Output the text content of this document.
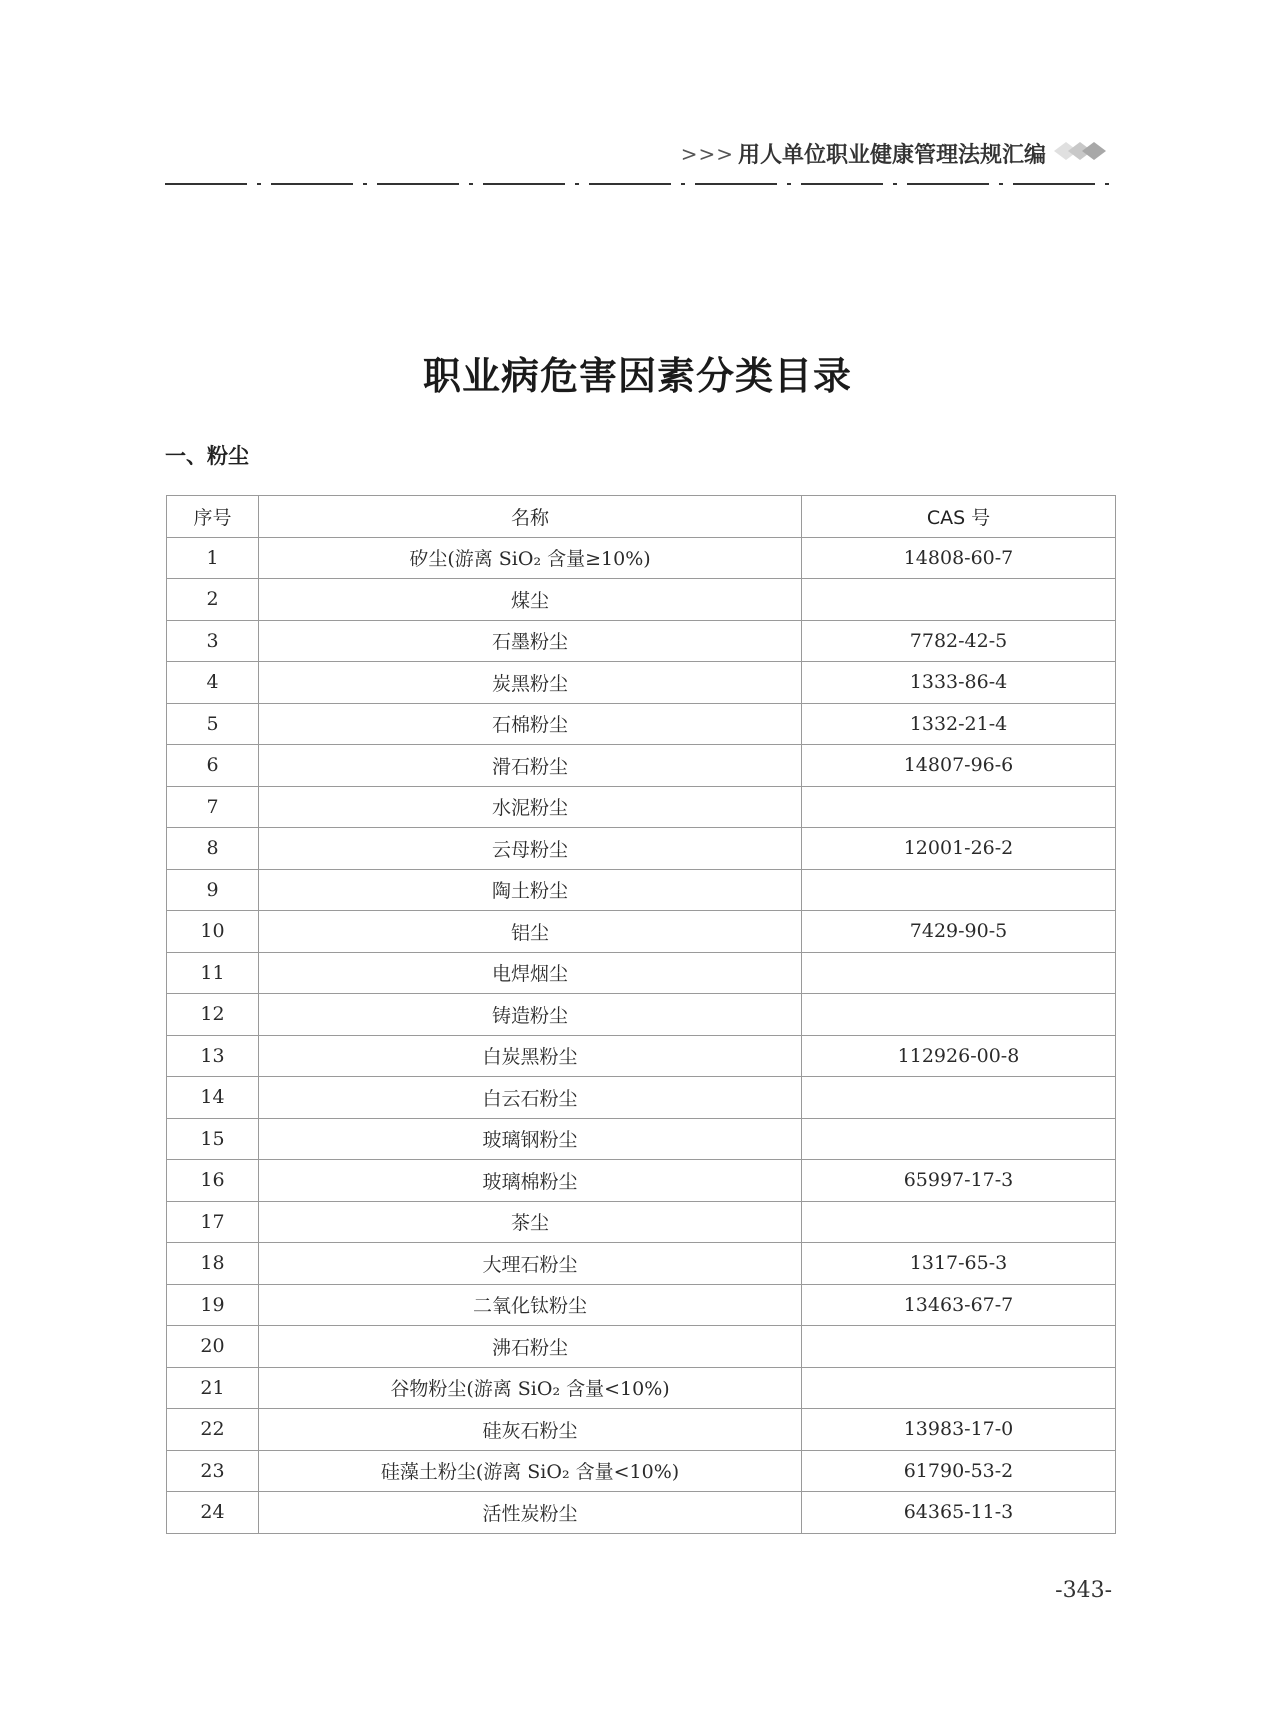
>>> 用人单位职业健康管理法规汇编
职业病危害因素分类目录
一、粉尘
序号	名称	CAS 号
1	矽尘(游离 SiO₂ 含量≥10%)	14808-60-7
2	煤尘	
3	石墨粉尘	7782-42-5
4	炭黑粉尘	1333-86-4
5	石棉粉尘	1332-21-4
6	滑石粉尘	14807-96-6
7	水泥粉尘	
8	云母粉尘	12001-26-2
9	陶土粉尘	
10	铝尘	7429-90-5
11	电焊烟尘	
12	铸造粉尘	
13	白炭黑粉尘	112926-00-8
14	白云石粉尘	
15	玻璃钢粉尘	
16	玻璃棉粉尘	65997-17-3
17	茶尘	
18	大理石粉尘	1317-65-3
19	二氧化钛粉尘	13463-67-7
20	沸石粉尘	
21	谷物粉尘(游离 SiO₂ 含量<10%)	
22	硅灰石粉尘	13983-17-0
23	硅藻土粉尘(游离 SiO₂ 含量<10%)	61790-53-2
24	活性炭粉尘	64365-11-3
-343-
